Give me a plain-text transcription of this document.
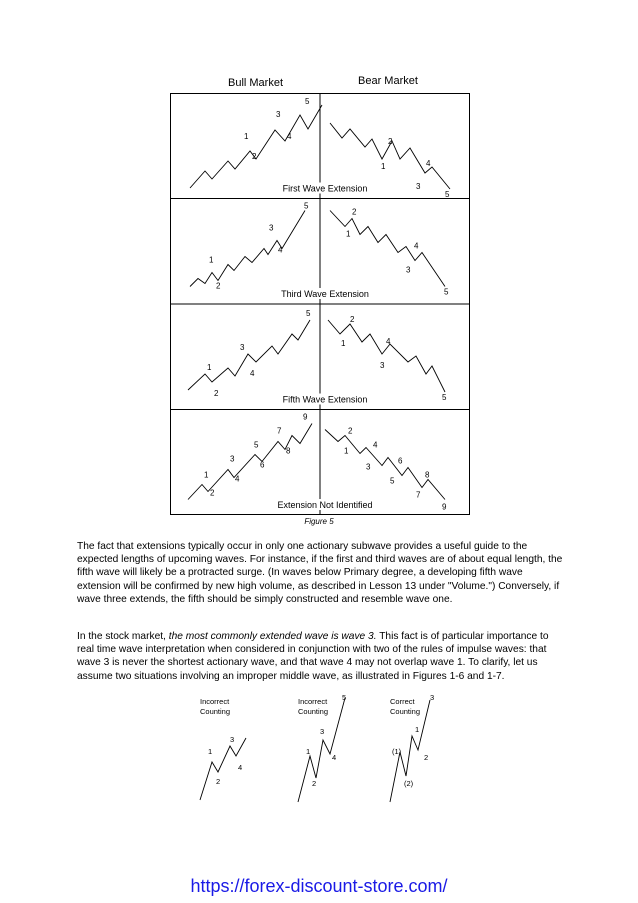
Bull Market	Bear Market
1
2
3
4
5
2
1	4
3
5
First Wave Extension
1
2
3
4
5
2
1
4
3
5
Third Wave Extension
1
2
3
4
5
2
1	4
3
5
Fifth Wave Extension
1
2
3
4
5
6
7
8
9
2
1
4
3
6
5
8
7
9
Extension Not Identified
Figure 5
The fact that extensions typically occur in only one actionary subwave provides a useful guide to the expected lengths of upcoming waves. For instance, if the first and third waves are of about equal length, the fifth wave will likely be a protracted surge. (In waves below Primary degree, a developing fifth wave extension will be confirmed by new high volume, as described in Lesson 13 under "Volume.") Conversely, if wave three extends, the fifth should be simply constructed and resemble wave one.
In the stock market, the most commonly extended wave is wave 3. This fact is of particular importance to real time wave interpretation when considered in conjunction with two of the rules of impulse waves: that wave 3 is never the shortest actionary wave, and that wave 4 may not overlap wave 1. To clarify, let us assume two situations involving an improper middle wave, as illustrated in Figures 1-6 and 1-7.
Incorrect
Counting
1
2
3
4
Incorrect
Counting
1
2
3
4
5	Correct
Counting
(1)
(2)
1
2
3
https://forex-discount-store.com/
